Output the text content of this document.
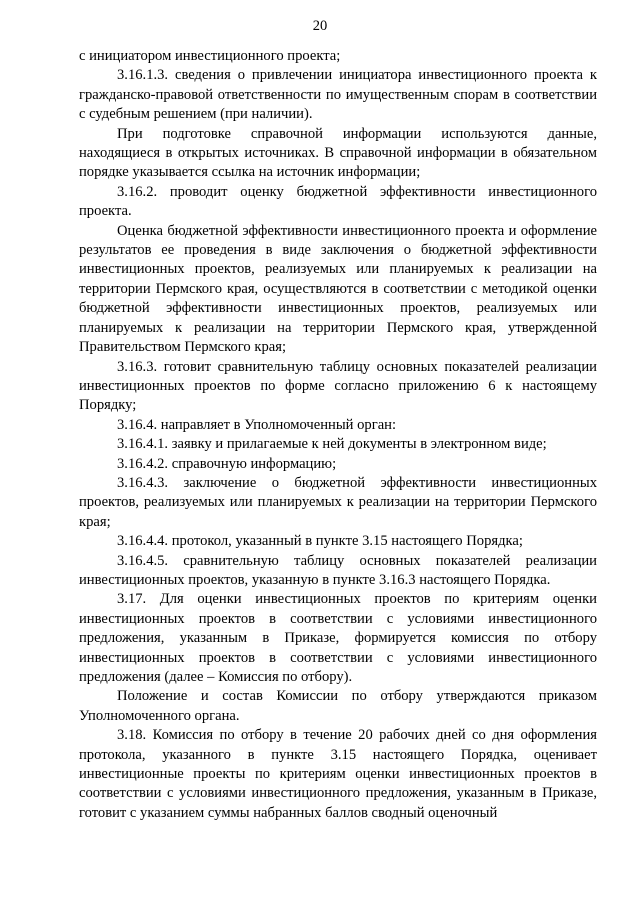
20

с инициатором инвестиционного проекта;

3.16.1.3. сведения о привлечении инициатора инвестиционного проекта к гражданско-правовой ответственности по имущественным спорам в соответствии с судебным решением (при наличии).

При подготовке справочной информации используются данные, находящиеся в открытых источниках. В справочной информации в обязательном порядке указывается ссылка на источник информации;

3.16.2. проводит оценку бюджетной эффективности инвестиционного проекта.

Оценка бюджетной эффективности инвестиционного проекта и оформление результатов ее проведения в виде заключения о бюджетной эффективности инвестиционных проектов, реализуемых или планируемых к реализации на территории Пермского края, осуществляются в соответствии с методикой оценки бюджетной эффективности инвестиционных проектов, реализуемых или планируемых к реализации на территории Пермского края, утвержденной Правительством Пермского края;

3.16.3. готовит сравнительную таблицу основных показателей реализации инвестиционных проектов по форме согласно приложению 6 к настоящему Порядку;

3.16.4. направляет в Уполномоченный орган:

3.16.4.1. заявку и прилагаемые к ней документы в электронном виде;

3.16.4.2. справочную информацию;

3.16.4.3. заключение о бюджетной эффективности инвестиционных проектов, реализуемых или планируемых к реализации на территории Пермского края;

3.16.4.4. протокол, указанный в пункте 3.15 настоящего Порядка;

3.16.4.5. сравнительную таблицу основных показателей реализации инвестиционных проектов, указанную в пункте 3.16.3 настоящего Порядка.

3.17. Для оценки инвестиционных проектов по критериям оценки инвестиционных проектов в соответствии с условиями инвестиционного предложения, указанным в Приказе, формируется комиссия по отбору инвестиционных проектов в соответствии с условиями инвестиционного предложения (далее – Комиссия по отбору).

Положение и состав Комиссии по отбору утверждаются приказом Уполномоченного органа.

3.18. Комиссия по отбору в течение 20 рабочих дней со дня оформления протокола, указанного в пункте 3.15 настоящего Порядка, оценивает инвестиционные проекты по критериям оценки инвестиционных проектов в соответствии с условиями инвестиционного предложения, указанным в Приказе, готовит с указанием суммы набранных баллов сводный оценочный
